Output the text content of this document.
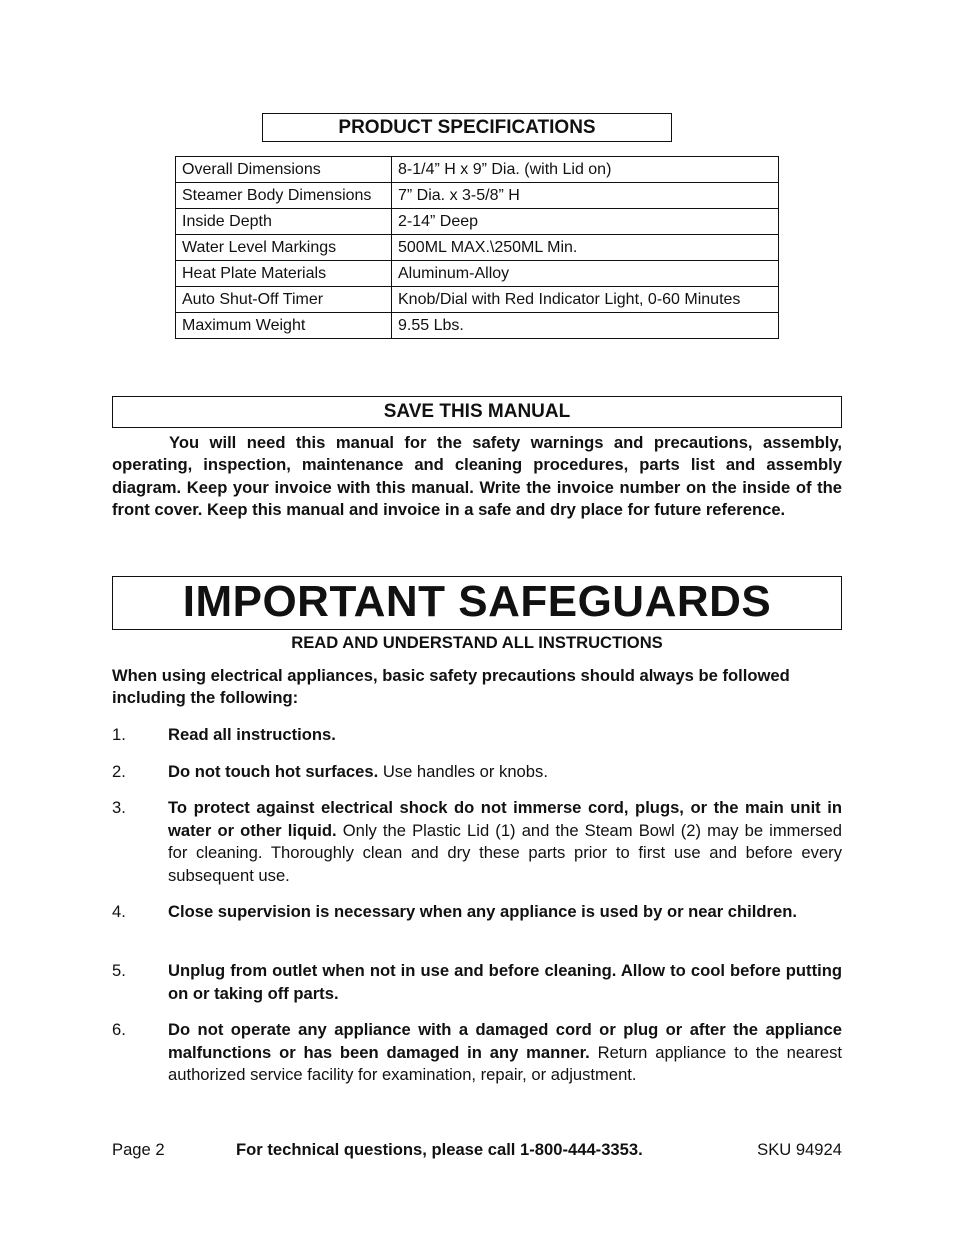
PRODUCT SPECIFICATIONS
Overall Dimensions	8-1/4” H x 9” Dia. (with Lid on)
Steamer Body Dimensions	7” Dia. x 3-5/8” H
Inside Depth	2-14” Deep
Water Level Markings	500ML MAX.\250ML Min.
Heat Plate Materials	Aluminum-Alloy
Auto Shut-Off Timer	Knob/Dial with Red Indicator Light, 0-60 Minutes
Maximum Weight	9.55 Lbs.
SAVE THIS MANUAL
You will need this manual for the safety warnings and precautions, assembly, operating, inspection, maintenance and cleaning procedures, parts list and assembly diagram. Keep your invoice with this manual. Write the invoice number on the inside of the front cover. Keep this manual and invoice in a safe and dry place for future reference.
IMPORTANT SAFEGUARDS
READ AND UNDERSTAND ALL INSTRUCTIONS
When using electrical appliances, basic safety precautions should always be followed including the following:
1.	Read all instructions.
2.	Do not touch hot surfaces. Use handles or knobs.
3.	To protect against electrical shock do not immerse cord, plugs, or the main unit in water or other liquid. Only the Plastic Lid (1) and the Steam Bowl (2) may be immersed for cleaning. Thoroughly clean and dry these parts prior to first use and before every subsequent use.
4.	Close supervision is necessary when any appliance is used by or near children.
5.	Unplug from outlet when not in use and before cleaning. Allow to cool before putting on or taking off parts.
6.	Do not operate any appliance with a damaged cord or plug or after the appliance malfunctions or has been damaged in any manner. Return appliance to the nearest authorized service facility for examination, repair, or adjustment.
Page 2	For technical questions, please call 1-800-444-3353.	SKU 94924
